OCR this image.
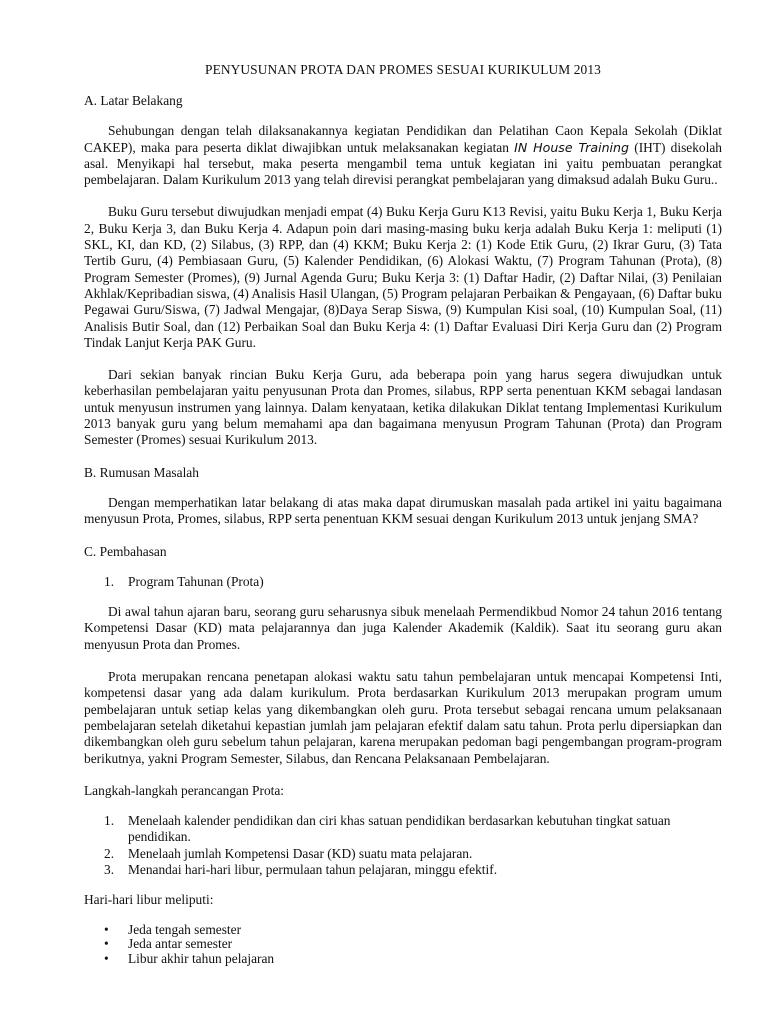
PENYUSUNAN PROTA DAN PROMES SESUAI KURIKULUM 2013
A. Latar Belakang

Sehubungan dengan telah dilaksanakannya kegiatan Pendidikan dan Pelatihan Caon Kepala Sekolah (Diklat CAKEP), maka para peserta diklat diwajibkan untuk melaksanakan kegiatan IN House Training (IHT) disekolah asal. Menyikapi hal tersebut, maka peserta mengambil tema untuk kegiatan ini yaitu pembuatan perangkat pembelajaran. Dalam Kurikulum 2013 yang telah direvisi perangkat pembelajaran yang dimaksud adalah Buku Guru..

Buku Guru tersebut diwujudkan menjadi empat (4) Buku Kerja Guru K13 Revisi, yaitu Buku Kerja 1, Buku Kerja 2, Buku Kerja 3, dan Buku Kerja 4. Adapun poin dari masing-masing buku kerja adalah Buku Kerja 1: meliputi (1) SKL, KI, dan KD, (2) Silabus, (3) RPP, dan (4) KKM; Buku Kerja 2: (1) Kode Etik Guru, (2) Ikrar Guru, (3) Tata Tertib Guru, (4) Pembiasaan Guru, (5) Kalender Pendidikan, (6) Alokasi Waktu, (7) Program Tahunan (Prota), (8) Program Semester (Promes), (9) Jurnal Agenda Guru; Buku Kerja 3: (1) Daftar Hadir, (2) Daftar Nilai, (3) Penilaian Akhlak/Kepribadian siswa, (4) Analisis Hasil Ulangan, (5) Program pelajaran Perbaikan & Pengayaan, (6) Daftar buku Pegawai Guru/Siswa, (7) Jadwal Mengajar, (8)Daya Serap Siswa, (9) Kumpulan Kisi soal, (10) Kumpulan Soal, (11) Analisis Butir Soal, dan (12) Perbaikan Soal dan Buku Kerja 4: (1) Daftar Evaluasi Diri Kerja Guru dan (2) Program Tindak Lanjut Kerja PAK Guru.

Dari sekian banyak rincian Buku Kerja Guru, ada beberapa poin yang harus segera diwujudkan untuk keberhasilan pembelajaran yaitu penyusunan Prota dan Promes, silabus, RPP serta penentuan KKM sebagai landasan untuk menyusun instrumen yang lainnya. Dalam kenyataan, ketika dilakukan Diklat tentang Implementasi Kurikulum 2013 banyak guru yang belum memahami apa dan bagaimana menyusun Program Tahunan (Prota) dan Program Semester (Promes) sesuai Kurikulum 2013.

B. Rumusan Masalah

Dengan memperhatikan latar belakang di atas maka dapat dirumuskan masalah pada artikel ini yaitu bagaimana menyusun Prota, Promes, silabus, RPP serta penentuan KKM sesuai dengan Kurikulum 2013 untuk jenjang SMA?

C. Pembahasan
1. Program Tahunan (Prota)

Di awal tahun ajaran baru, seorang guru seharusnya sibuk menelaah Permendikbud Nomor 24 tahun 2016 tentang Kompetensi Dasar (KD) mata pelajarannya dan juga Kalender Akademik (Kaldik). Saat itu seorang guru akan menyusun Prota dan Promes.

Prota merupakan rencana penetapan alokasi waktu satu tahun pembelajaran untuk mencapai Kompetensi Inti, kompetensi dasar yang ada dalam kurikulum. Prota berdasarkan Kurikulum 2013 merupakan program umum pembelajaran untuk setiap kelas yang dikembangkan oleh guru. Prota tersebut sebagai rencana umum pelaksanaan pembelajaran setelah diketahui kepastian jumlah jam pelajaran efektif dalam satu tahun. Prota perlu dipersiapkan dan dikembangkan oleh guru sebelum tahun pelajaran, karena merupakan pedoman bagi pengembangan program-program berikutnya, yakni Program Semester, Silabus, dan Rencana Pelaksanaan Pembelajaran.

Langkah-langkah perancangan Prota:
1. Menelaah kalender pendidikan dan ciri khas satuan pendidikan berdasarkan kebutuhan tingkat satuan pendidikan.
2. Menelaah jumlah Kompetensi Dasar (KD) suatu mata pelajaran.
3. Menandai hari-hari libur, permulaan tahun pelajaran, minggu efektif.
Hari-hari libur meliputi:
• Jeda tengah semester
• Jeda antar semester
• Libur akhir tahun pelajaran
